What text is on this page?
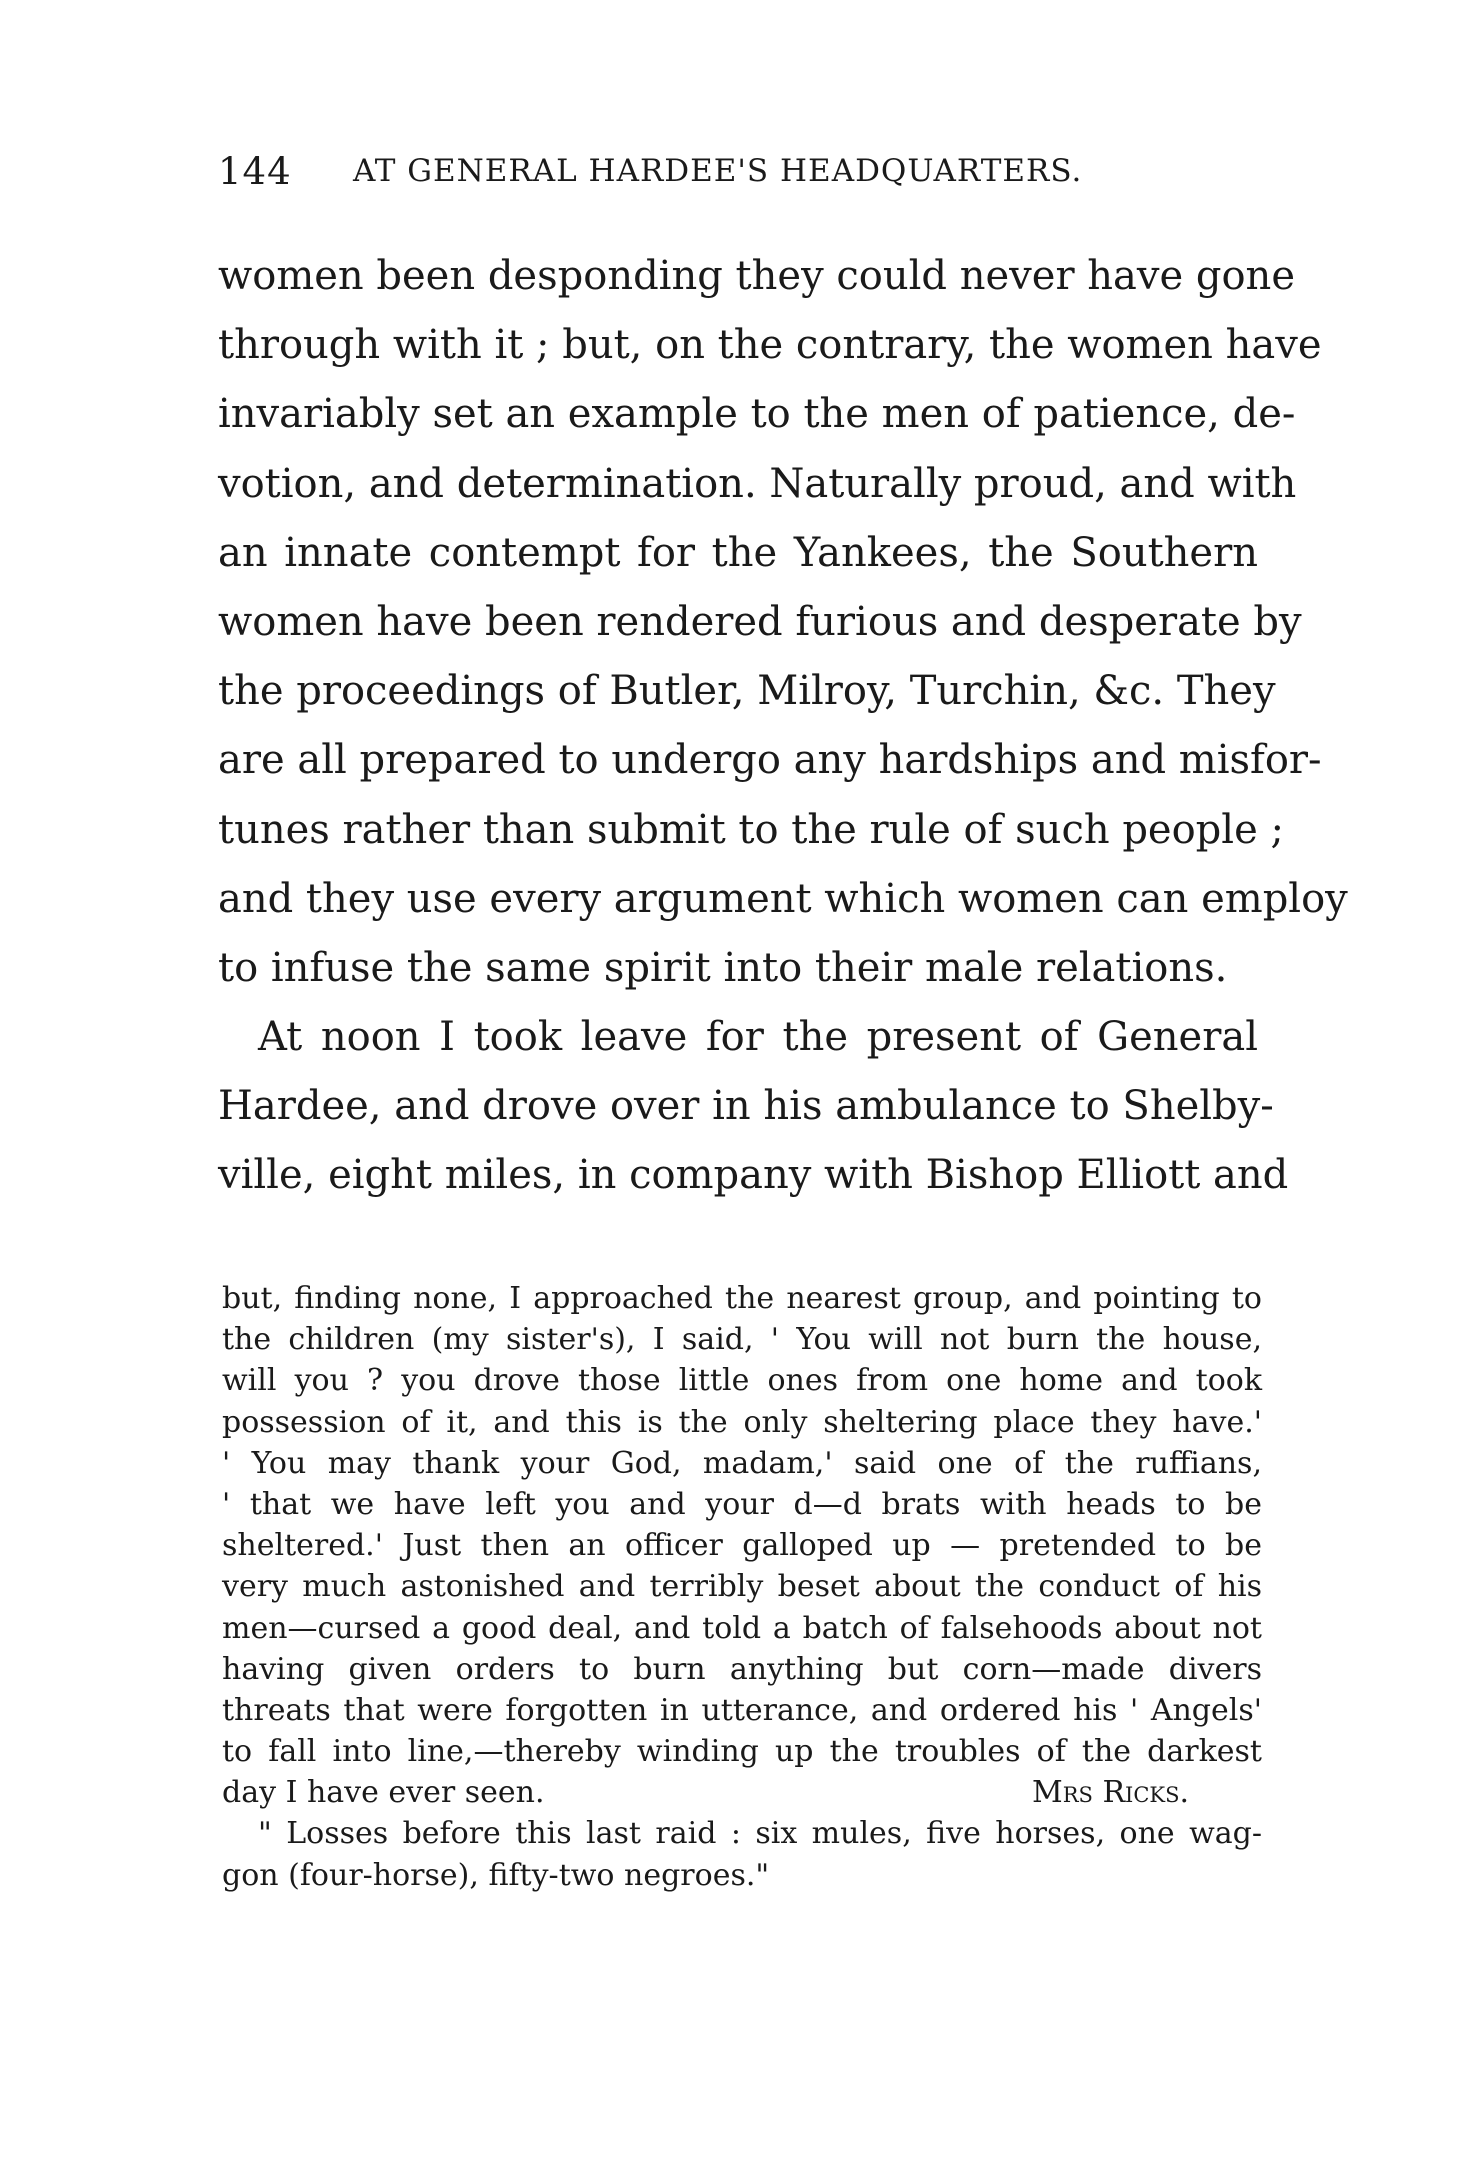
144 AT GENERAL HARDEE'S HEADQUARTERS.
women been desponding they could never have gone
through with it ; but, on the contrary, the women have
invariably set an example to the men of patience, de-
votion, and determination. Naturally proud, and with
an innate contempt for the Yankees, the Southern
women have been rendered furious and desperate by
the proceedings of Butler, Milroy, Turchin, &c. They
are all prepared to undergo any hardships and misfor-
tunes rather than submit to the rule of such people ;
and they use every argument which women can employ
to infuse the same spirit into their male relations.
At noon I took leave for the present of General
Hardee, and drove over in his ambulance to Shelby-
ville, eight miles, in company with Bishop Elliott and
but, finding none, I approached the nearest group, and pointing to
the children (my sister's), I said, ' You will not burn the house,
will you ? you drove those little ones from one home and took
possession of it, and this is the only sheltering place they have.'
' You may thank your God, madam,' said one of the ruffians,
' that we have left you and your d—d brats with heads to be
sheltered.' Just then an officer galloped up — pretended to be
very much astonished and terribly beset about the conduct of his
men—cursed a good deal, and told a batch of falsehoods about not
having given orders to burn anything but corn—made divers
threats that were forgotten in utterance, and ordered his ' Angels'
to fall into line,—thereby winding up the troubles of the darkest
day I have ever seen.	Mrs Ricks.
" Losses before this last raid : six mules, five horses, one wag-
gon (four-horse), fifty-two negroes."
